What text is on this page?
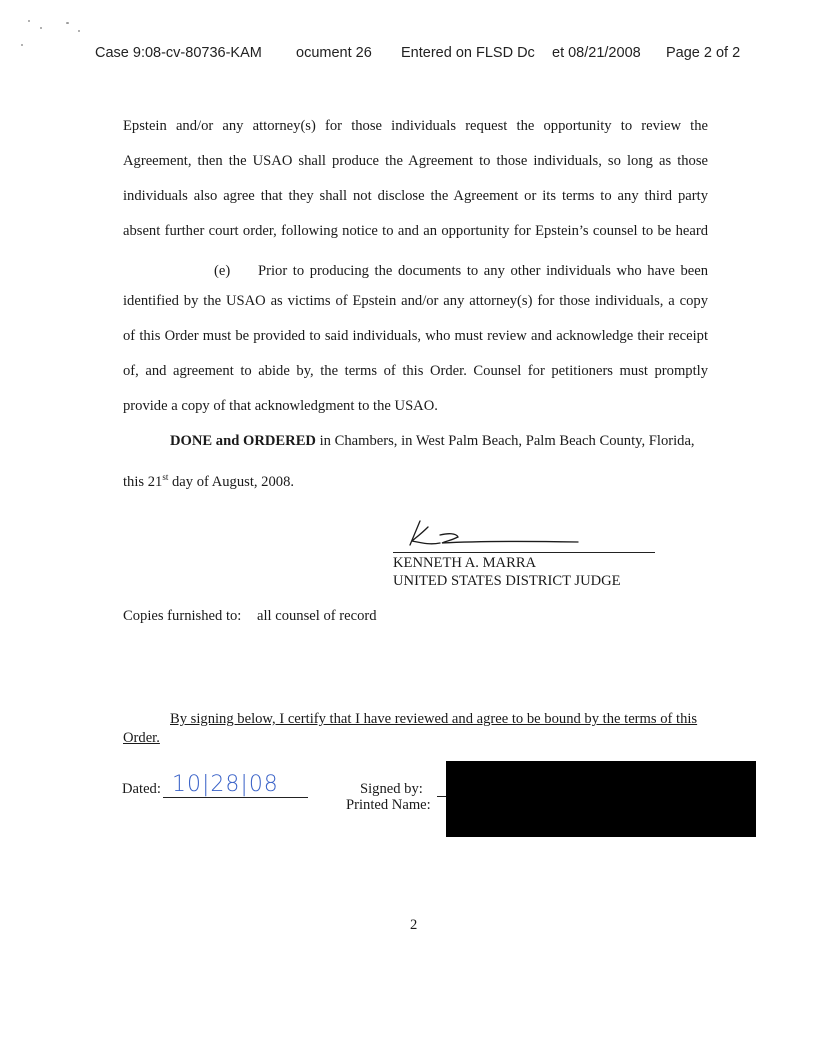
Case 9:08-cv-80736-KAM ocument 26 Entered on FLSD Dc et 08/21/2008 Page 2 of 2
Epstein and/or any attorney(s) for those individuals request the opportunity to review the
Agreement, then the USAO shall produce the Agreement to those individuals, so long as those
individuals also agree that they shall not disclose the Agreement or its terms to any third party
absent further court order, following notice to and an opportunity for Epstein’s counsel to be heard
(e) Prior to producing the documents to any other individuals who have been
identified by the USAO as victims of Epstein and/or any attorney(s) for those individuals, a copy
of this Order must be provided to said individuals, who must review and acknowledge their receipt
of, and agreement to abide by, the terms of this Order. Counsel for petitioners must promptly
provide a copy of that acknowledgment to the USAO.
DONE and ORDERED in Chambers, in West Palm Beach, Palm Beach County, Florida,
this 21st day of August, 2008.
KENNETH A. MARRA
UNITED STATES DISTRICT JUDGE
Copies furnished to: all counsel of record
By signing below, I certify that I have reviewed and agree to be bound by the terms of this
Order.
Dated: 10|28|08	Signed by:
Printed Name:
2
